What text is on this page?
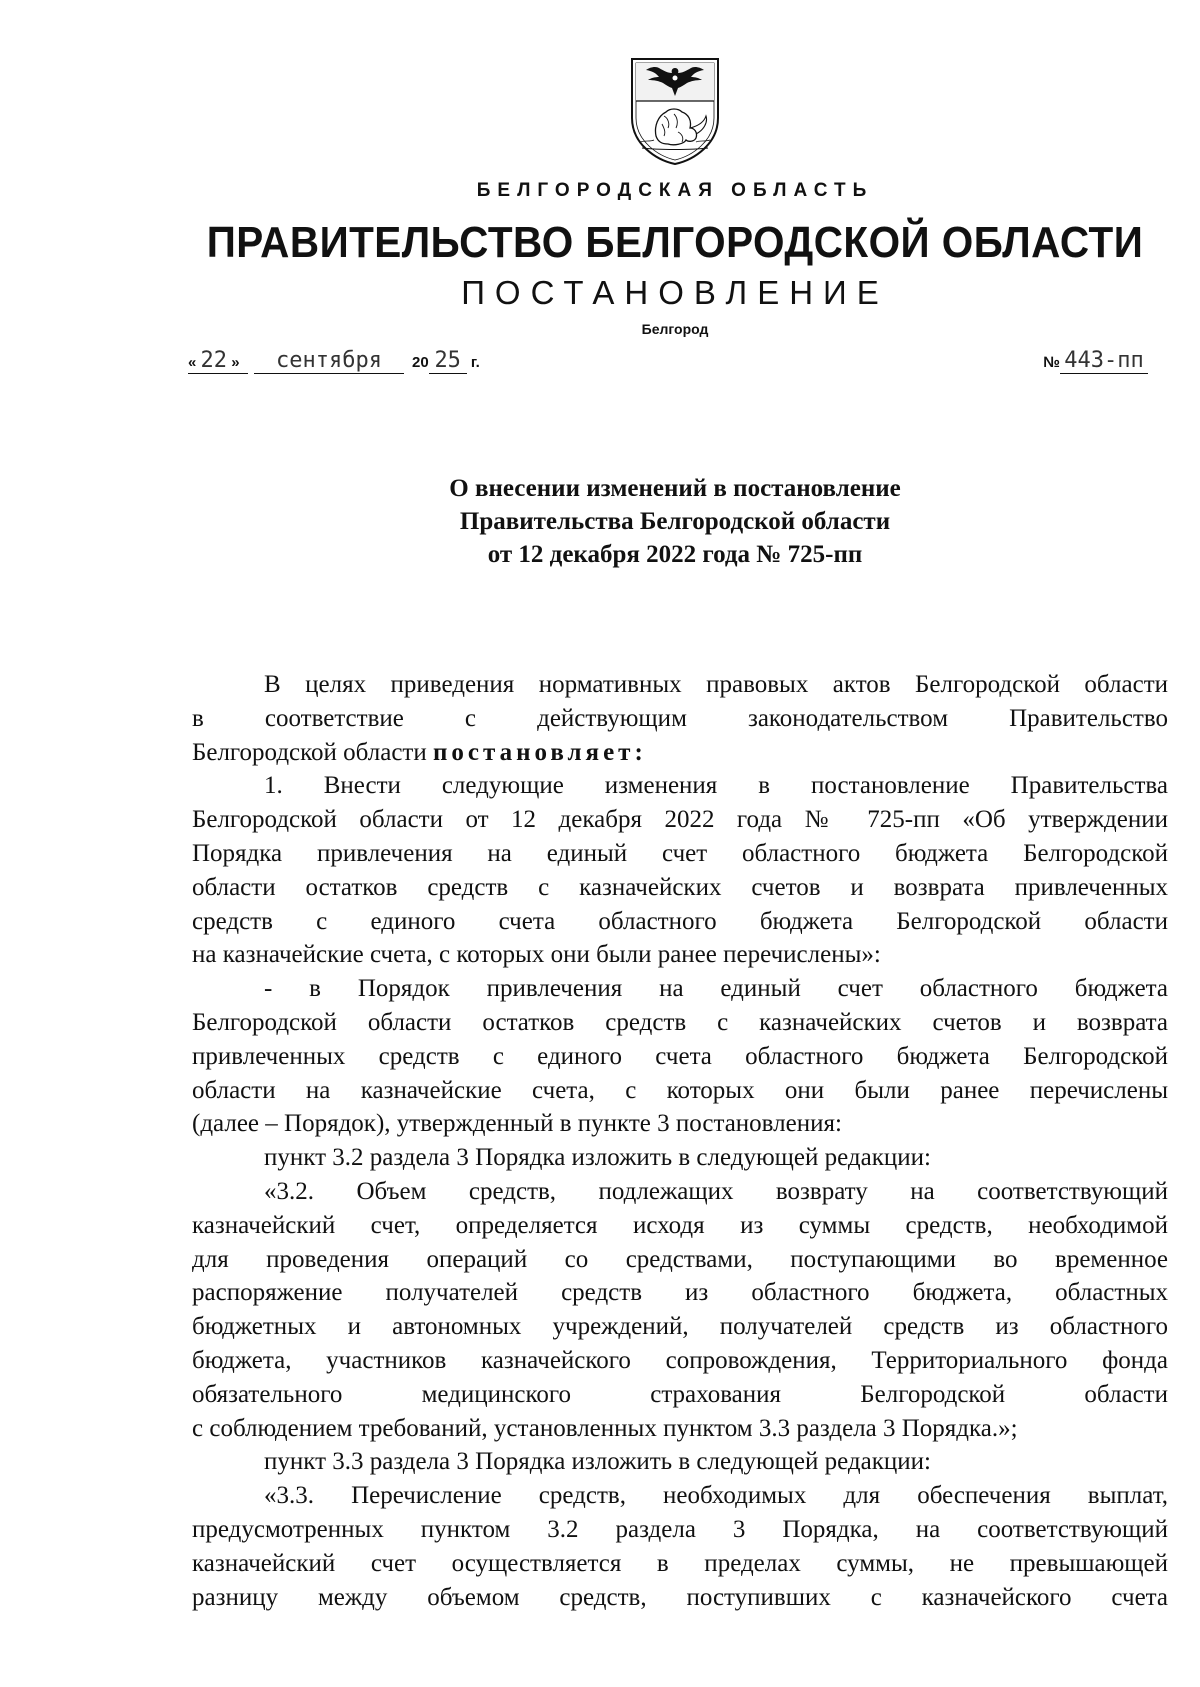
БЕЛГОРОДСКАЯ ОБЛАСТЬ
ПРАВИТЕЛЬСТВО БЕЛГОРОДСКОЙ ОБЛАСТИ
ПОСТАНОВЛЕНИЕ
Белгород
« 22 »	сентября	20 25 г.	№ 443-пп
О внесении изменений в постановление
Правительства Белгородской области
от 12 декабря 2022 года № 725-пп

В целях приведения нормативных правовых актов Белгородской области

в соответствие с действующим законодательством Правительство

Белгородской области постановляет:

1. Внести следующие изменения в постановление Правительства

Белгородской области от 12 декабря 2022 года № 725-пп «Об утверждении

Порядка привлечения на единый счет областного бюджета Белгородской

области остатков средств с казначейских счетов и возврата привлеченных

средств с единого счета областного бюджета Белгородской области

на казначейские счета, с которых они были ранее перечислены»:

- в Порядок привлечения на единый счет областного бюджета

Белгородской области остатков средств с казначейских счетов и возврата

привлеченных средств с единого счета областного бюджета Белгородской

области на казначейские счета, с которых они были ранее перечислены

(далее – Порядок), утвержденный в пункте 3 постановления:

пункт 3.2 раздела 3 Порядка изложить в следующей редакции:

«3.2. Объем средств, подлежащих возврату на соответствующий

казначейский счет, определяется исходя из суммы средств, необходимой

для проведения операций со средствами, поступающими во временное

распоряжение получателей средств из областного бюджета, областных

бюджетных и автономных учреждений, получателей средств из областного

бюджета, участников казначейского сопровождения, Территориального фонда

обязательного медицинского страхования Белгородской области

с соблюдением требований, установленных пунктом 3.3 раздела 3 Порядка.»;

пункт 3.3 раздела 3 Порядка изложить в следующей редакции:

«3.3. Перечисление средств, необходимых для обеспечения выплат,

предусмотренных пунктом 3.2 раздела 3 Порядка, на соответствующий

казначейский счет осуществляется в пределах суммы, не превышающей

разницу между объемом средств, поступивших с казначейского счета
